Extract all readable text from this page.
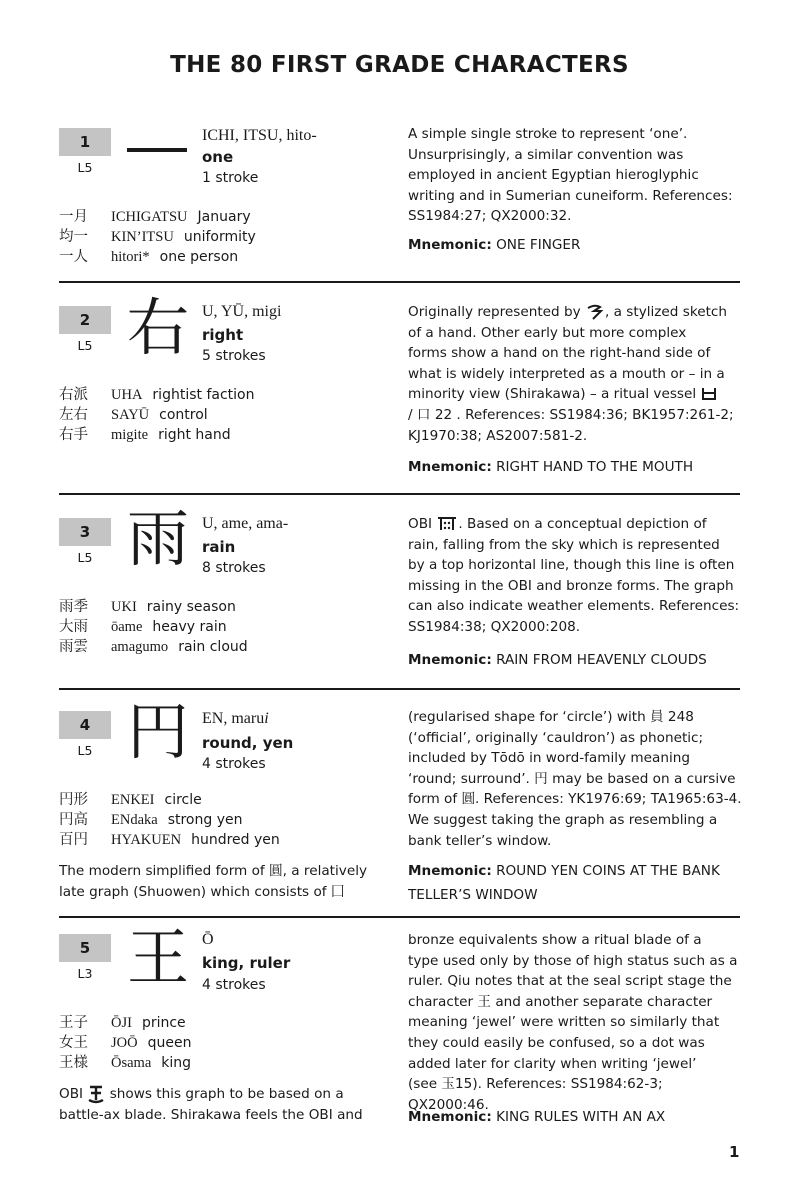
THE 80 FIRST GRADE CHARACTERS
1
L5
ICHI, ITSU, hito-
one
1 stroke
一月 ICHIGATSU January
均一 KIN’ITSU uniformity
一人 hitori* one person
A simple single stroke to represent ‘one’.
Unsurprisingly, a similar convention was
employed in ancient Egyptian hieroglyphic
writing and in Sumerian cuneiform. References:
SS1984:27; QX2000:32.
Mnemonic: ONE FINGER
2
L5 右 U, YŪ, migi
right
5 strokes
右派 UHA rightist faction
左右 SAYŪ control
右手 migite right hand
Originally represented by , a stylized sketch
of a hand. Other early but more complex
forms show a hand on the right-hand side of
what is widely interpreted as a mouth or – in a
minority view (Shirakawa) – a ritual vessel
/ 口 22 . References: SS1984:36; BK1957:261-2;
KJ1970:38; AS2007:581-2.
Mnemonic: RIGHT HAND TO THE MOUTH
3
L5 雨 U, ame, ama-
rain
8 strokes
雨季 UKI rainy season
大雨 ōame heavy rain
雨雲 amagumo rain cloud
OBI . Based on a conceptual depiction of
rain, falling from the sky which is represented
by a top horizontal line, though this line is often
missing in the OBI and bronze forms. The graph
can also indicate weather elements. References:
SS1984:38; QX2000:208.
Mnemonic: RAIN FROM HEAVENLY CLOUDS
4
L5 円 EN, marui
round, yen
4 strokes
円形 ENKEI circle
円高 ENdaka strong yen
百円 HYAKUEN hundred yen
The modern simplified form of 圓, a relatively
late graph (Shuowen) which consists of 囗
(regularised shape for ‘circle’) with 員 248
(‘official’, originally ‘cauldron’) as phonetic;
included by Tōdō in word-family meaning
‘round; surround’. 円 may be based on a cursive
form of 圓. References: YK1976:69; TA1965:63-4.
We suggest taking the graph as resembling a
bank teller’s window.
Mnemonic: ROUND YEN COINS AT THE BANK
TELLER’S WINDOW
5
L3 王 Ō
king, ruler
4 strokes
王子 ŌJI prince
女王 JOŌ queen
王様 Ōsama king
OBI shows this graph to be based on a
battle-ax blade. Shirakawa feels the OBI and
bronze equivalents show a ritual blade of a
type used only by those of high status such as a
ruler. Qiu notes that at the seal script stage the
character 王 and another separate character
meaning ‘jewel’ were written so similarly that
they could easily be confused, so a dot was
added later for clarity when writing ‘jewel’
(see 玉15). References: SS1984:62-3; QX2000:46.
Mnemonic: KING RULES WITH AN AX
1
